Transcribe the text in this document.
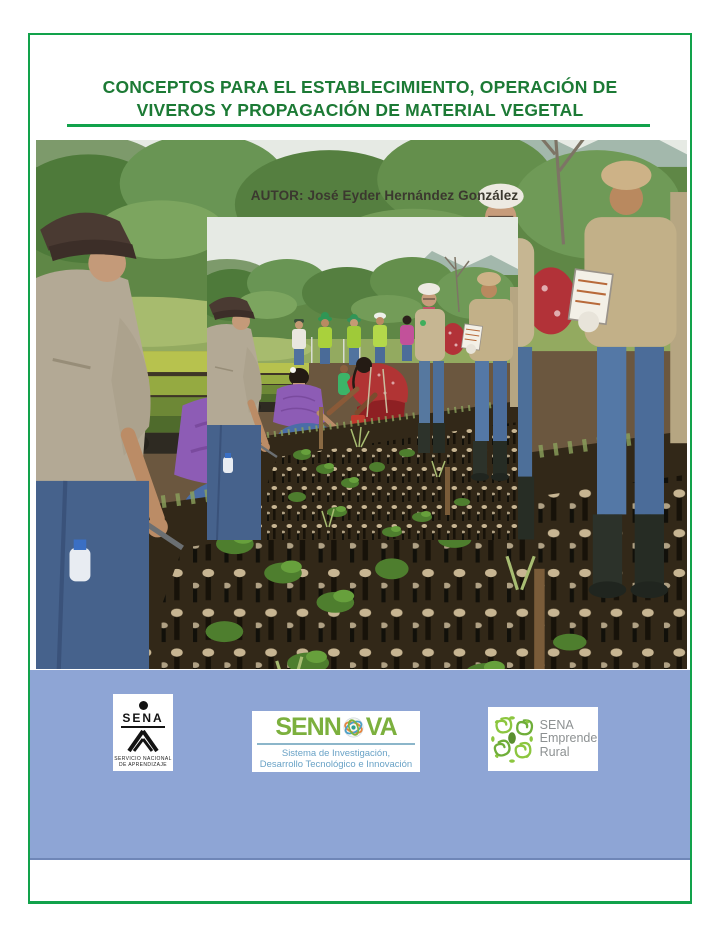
CONCEPTOS PARA EL ESTABLECIMIENTO, OPERACIÓN DE
VIVEROS Y PROPAGACIÓN DE MATERIAL VEGETAL
AUTOR: José Eyder Hernández González
SENA
SERVICIO NACIONAL
DE APRENDIZAJE
SENN VA
Sistema de Investigación,
Desarrollo Tecnológico e Innovación
SENA
Emprende
Rural
